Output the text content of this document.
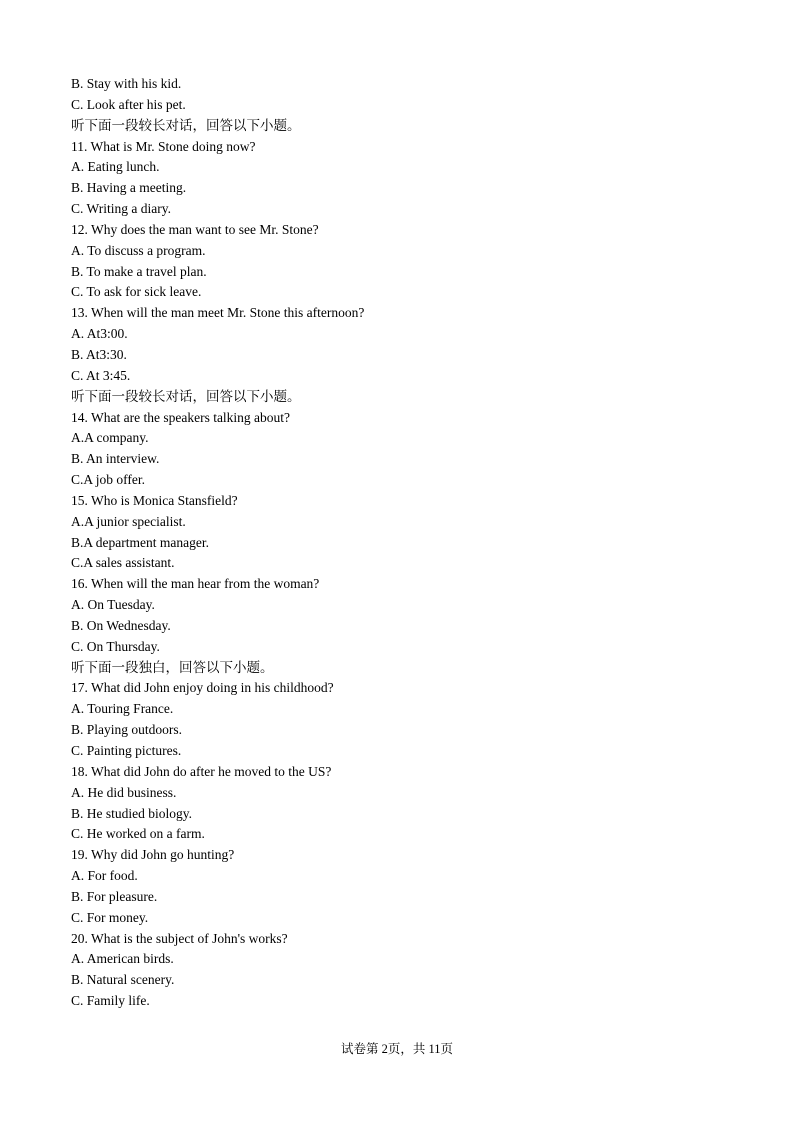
B. Stay with his kid.
C. Look after his pet.
听下面一段较长对话，回答以下小题。
11. What is Mr. Stone doing now?
A. Eating lunch.
B. Having a meeting.
C. Writing a diary.
12. Why does the man want to see Mr. Stone?
A. To discuss a program.
B. To make a travel plan.
C. To ask for sick leave.
13. When will the man meet Mr. Stone this afternoon?
A. At3:00.
B. At3:30.
C. At 3:45.
听下面一段较长对话，回答以下小题。
14. What are the speakers talking about?
A.A company.
B. An interview.
C.A job offer.
15. Who is Monica Stansfield?
A.A junior specialist.
B.A department manager.
C.A sales assistant.
16. When will the man hear from the woman?
A. On Tuesday.
B. On Wednesday.
C. On Thursday.
听下面一段独白，回答以下小题。
17. What did John enjoy doing in his childhood?
A. Touring France.
B. Playing outdoors.
C. Painting pictures.
18. What did John do after he moved to the US?
A. He did business.
B. He studied biology.
C. He worked on a farm.
19. Why did John go hunting?
A. For food.
B. For pleasure.
C. For money.
20. What is the subject of John's works?
A. American birds.
B. Natural scenery.
C. Family life.
试卷第 2页，共 11页
